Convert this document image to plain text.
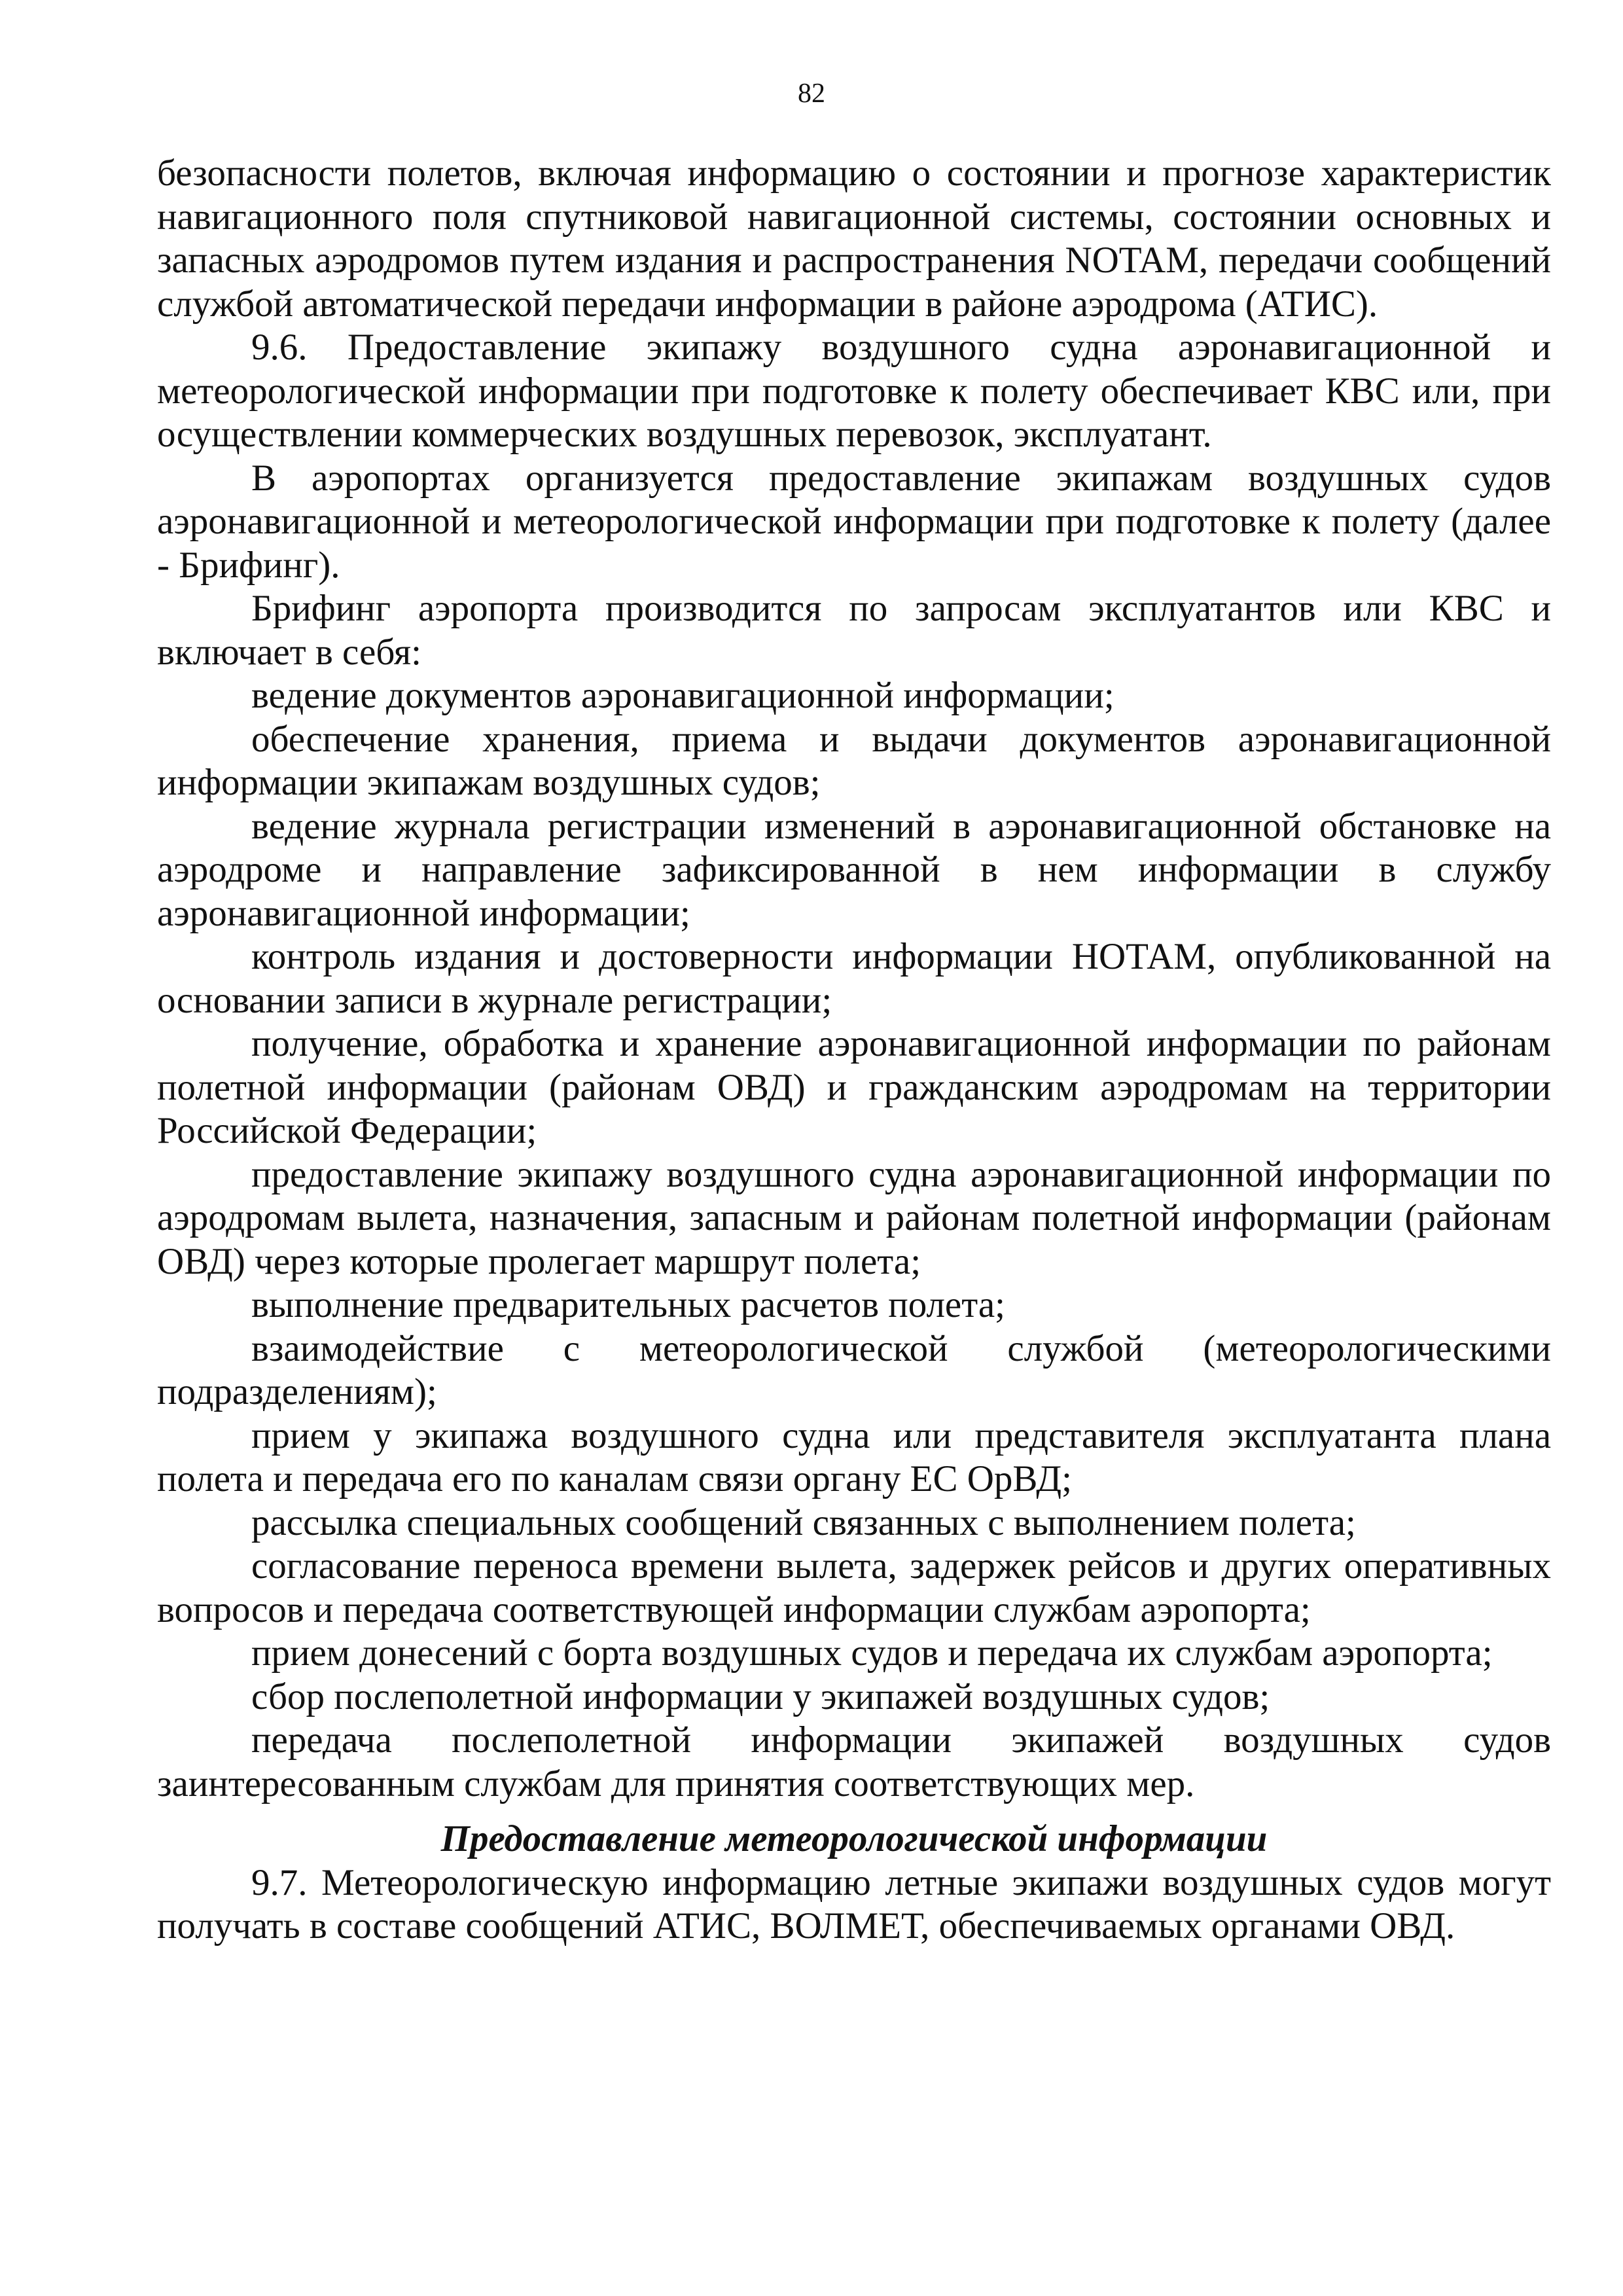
82

безопасности полетов, включая информацию о состоянии и прогнозе характеристик навигационного поля спутниковой навигационной системы, состоянии основных и запасных аэродромов путем издания и распространения NOTAM, передачи сообщений службой автоматической передачи информации в районе аэродрома (АТИС).

9.6. Предоставление экипажу воздушного судна аэронавигационной и метеорологической информации при подготовке к полету обеспечивает КВС или, при осуществлении коммерческих воздушных перевозок, эксплуатант.

В аэропортах организуется предоставление экипажам воздушных судов аэронавигационной и метеорологической информации при подготовке к полету (далее - Брифинг).

Брифинг аэропорта производится по запросам эксплуатантов или КВС и включает в себя:

ведение документов аэронавигационной информации;

обеспечение хранения, приема и выдачи документов аэронавигационной информации экипажам воздушных судов;

ведение журнала регистрации изменений в аэронавигационной обстановке на аэродроме и направление зафиксированной в нем информации в службу аэронавигационной информации;

контроль издания и достоверности информации НОТАМ, опубликованной на основании записи в журнале регистрации;

получение, обработка и хранение аэронавигационной информации по районам полетной информации (районам ОВД) и гражданским аэродромам на территории Российской Федерации;

предоставление экипажу воздушного судна аэронавигационной информации по аэродромам вылета, назначения, запасным и районам полетной информации (районам ОВД) через которые пролегает маршрут полета;

выполнение предварительных расчетов полета;

взаимодействие с метеорологической службой (метеорологическими подразделениям);

прием у экипажа воздушного судна или представителя эксплуатанта плана полета и передача его по каналам связи органу ЕС ОрВД;

рассылка специальных сообщений связанных с выполнением полета;

согласование переноса времени вылета, задержек рейсов и других оперативных вопросов и передача соответствующей информации службам аэропорта;

прием донесений с борта воздушных судов и передача их службам аэропорта;

сбор послеполетной информации у экипажей воздушных судов;

передача послеполетной информации экипажей воздушных судов заинтересованным службам для принятия соответствующих мер.

Предоставление метеорологической информации

9.7. Метеорологическую информацию летные экипажи воздушных судов могут получать в составе сообщений АТИС, ВОЛМЕТ, обеспечиваемых органами ОВД.
